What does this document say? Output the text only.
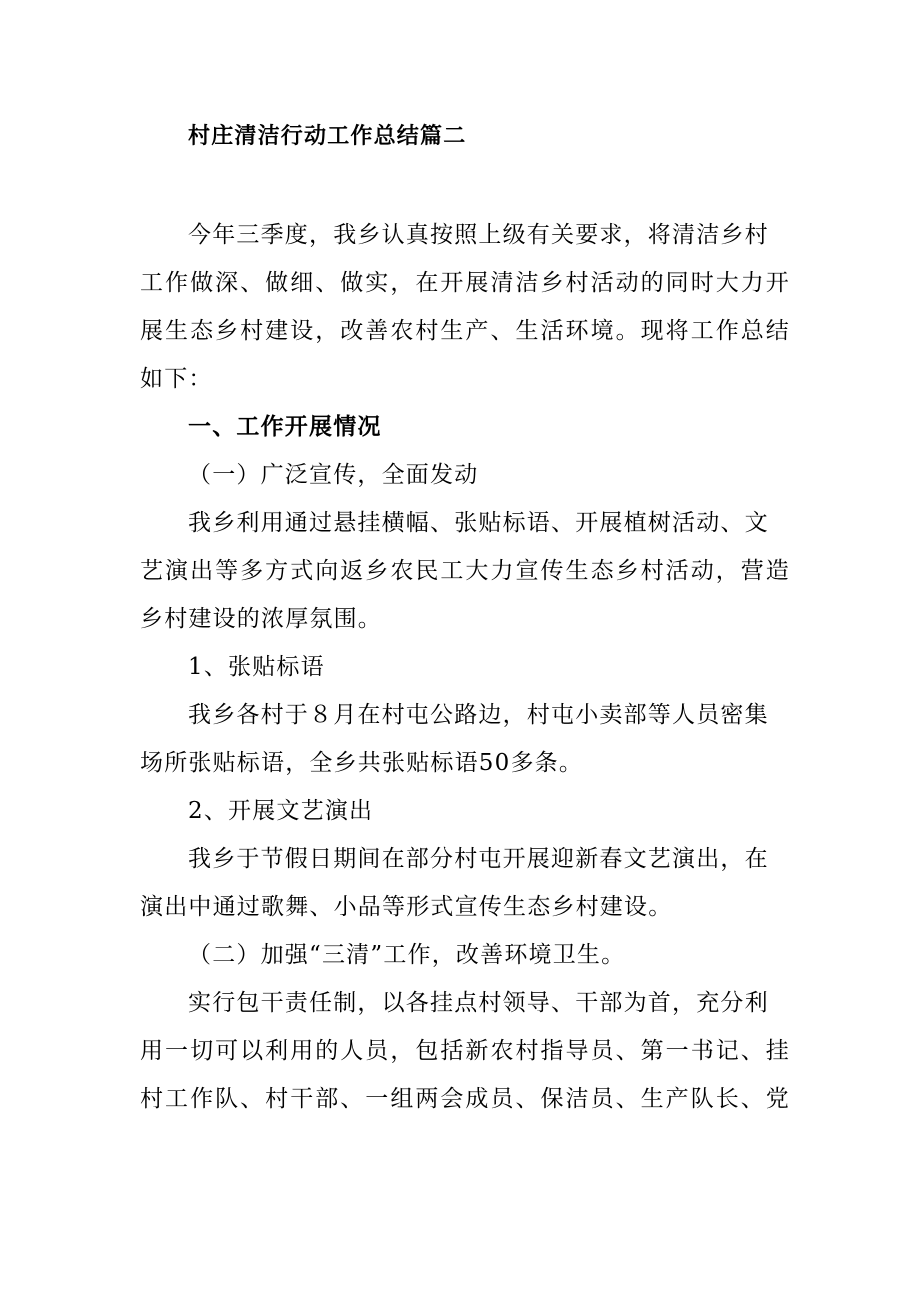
村庄清洁行动工作总结篇二
今年三季度，我乡认真按照上级有关要求，将清洁乡村
工作做深、做细、做实，在开展清洁乡村活动的同时大力开
展生态乡村建设，改善农村生产、生活环境。现将工作总结
如下：
一、工作开展情况
（一）广泛宣传，全面发动
我乡利用通过悬挂横幅、张贴标语、开展植树活动、文
艺演出等多方式向返乡农民工大力宣传生态乡村活动，营造
乡村建设的浓厚氛围。
1、张贴标语
我乡各村于８月在村屯公路边，村屯小卖部等人员密集
场所张贴标语，全乡共张贴标语50多条。
2、开展文艺演出
我乡于节假日期间在部分村屯开展迎新春文艺演出，在
演出中通过歌舞、小品等形式宣传生态乡村建设。
（二）加强“三清”工作，改善环境卫生。
实行包干责任制，以各挂点村领导、干部为首，充分利
用一切可以利用的人员，包括新农村指导员、第一书记、挂
村工作队、村干部、一组两会成员、保洁员、生产队长、党
